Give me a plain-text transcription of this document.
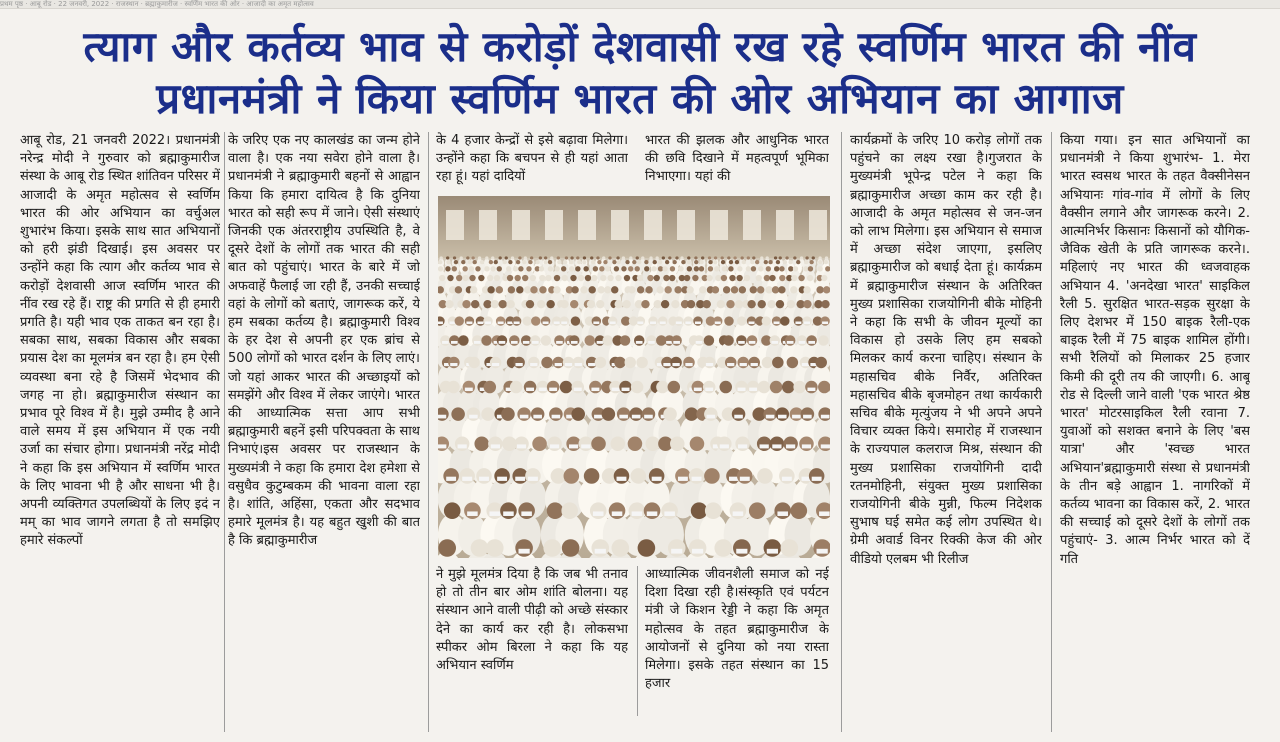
प्रथम पृष्ठ · आबू रोड · 22 जनवरी, 2022 · राजस्थान · ब्रह्माकुमारीज · स्वर्णिम भारत की ओर · आजादी का अमृत महोत्सव
त्याग और कर्तव्य भाव से करोड़ों देशवासी रख रहे स्वर्णिम भारत की नींव
प्रधानमंत्री ने किया स्वर्णिम भारत की ओर अभियान का आगाज

आबू रोड, 21 जनवरी 2022। प्रधानमंत्री नरेन्द्र मोदी ने गुरुवार को ब्रह्माकुमारीज संस्था के आबू रोड स्थित शांतिवन परिसर में आजादी के अमृत महोत्सव से स्वर्णिम भारत की ओर अभियान का वर्चुअल शुभारंभ किया। इसके साथ सात अभियानों को हरी झंडी दिखाई। इस अवसर पर उन्होंने कहा कि त्याग और कर्तव्य भाव से करोड़ों देशवासी आज स्वर्णिम भारत की नींव रख रहे हैं। राष्ट्र की प्रगति से ही हमारी प्रगति है। यही भाव एक ताकत बन रहा है। सबका साथ, सबका विकास और सबका प्रयास देश का मूलमंत्र बन रहा है। हम ऐसी व्यवस्था बना रहे है जिसमें भेदभाव की जगह ना हो। ब्रह्माकुमारीज संस्थान का प्रभाव पूरे विश्व में है। मुझे उम्मीद है आने वाले समय में इस अभियान में एक नयी उर्जा का संचार होगा। प्रधानमंत्री नरेंद्र मोदी ने कहा कि इस अभियान में स्वर्णिम भारत के लिए भावना भी है और साधना भी है। अपनी व्यक्तिगत उपलब्धियों के लिए इदं न मम् का भाव जागने लगता है तो समझिए हमारे संकल्पों

के जरिए एक नए कालखंड का जन्म होने वाला है। एक नया सवेरा होने वाला है।प्रधानमंत्री ने ब्रह्माकुमारी बहनों से आह्वान किया कि हमारा दायित्व है कि दुनिया भारत को सही रूप में जाने। ऐसी संस्थाएं जिनकी एक अंतरराष्ट्रीय उपस्थिति है, वे दूसरे देशों के लोगों तक भारत की सही बात को पहुंचाएं। भारत के बारे में जो अफवाहें फैलाई जा रही हैं, उनकी सच्चाई वहां के लोगों को बताएं, जागरूक करें, ये हम सबका कर्तव्य है। ब्रह्माकुमारी विश्व के हर देश से अपनी हर एक ब्रांच से 500 लोगों को भारत दर्शन के लिए लाएं। जो यहां आकर भारत की अच्छाइयों को समझेंगे और विश्व में लेकर जाएंगे। भारत की आध्यात्मिक सत्ता आप सभी ब्रह्माकुमारी बहनें इसी परिपक्वता के साथ निभाएं।इस अवसर पर राजस्थान के मुख्यमंत्री ने कहा कि हमारा देश हमेशा से वसुधैव कुटुम्बकम की भावना वाला रहा है। शांति, अहिंसा, एकता और सदभाव हमारे मूलमंत्र है। यह बहुत खुशी की बात है कि ब्रह्माकुमारीज

के 4 हजार केन्द्रों से इसे बढ़ावा मिलेगा। उन्होंने कहा कि बचपन से ही यहां आता रहा हूं। यहां दादियों

भारत की झलक और आधुनिक भारत की छवि दिखाने में महत्वपूर्ण भूमिका निभाएगा। यहां की

ने मुझे मूलमंत्र दिया है कि जब भी तनाव हो तो तीन बार ओम शांति बोलना। यह संस्थान आने वाली पीढ़ी को अच्छे संस्कार देने का कार्य कर रही है। लोकसभा स्पीकर ओम बिरला ने कहा कि यह अभियान स्वर्णिम

आध्यात्मिक जीवनशैली समाज को नई दिशा दिखा रही है।संस्कृति एवं पर्यटन मंत्री जे किशन रेड्डी ने कहा कि अमृत महोत्सव के तहत ब्रह्माकुमारीज के आयोजनों से दुनिया को नया रास्ता मिलेगा। इसके तहत संस्थान का 15 हजार

कार्यक्रमों के जरिए 10 करोड़ लोगों तक पहुंचने का लक्ष्य रखा है।गुजरात के मुख्यमंत्री भूपेन्द्र पटेल ने कहा कि ब्रह्माकुमारीज अच्छा काम कर रही है। आजादी के अमृत महोत्सव से जन-जन को लाभ मिलेगा। इस अभियान से समाज में अच्छा संदेश जाएगा, इसलिए ब्रह्माकुमारीज को बधाई देता हूं। कार्यक्रम में ब्रह्माकुमारीज संस्थान के अतिरिक्त मुख्य प्रशासिका राजयोगिनी बीके मोहिनी ने कहा कि सभी के जीवन मूल्यों का विकास हो उसके लिए हम सबको मिलकर कार्य करना चाहिए। संस्थान के महासचिव बीके निर्वैर, अतिरिक्त महासचिव बीके बृजमोहन तथा कार्यकारी सचिव बीके मृत्युंजय ने भी अपने अपने विचार व्यक्त किये। समारोह में राजस्थान के राज्यपाल कलराज मिश्र, संस्थान की मुख्य प्रशासिका राजयोगिनी दादी रतनमोहिनी, संयुक्त मुख्य प्रशासिका राजयोगिनी बीके मुन्नी, फिल्म निदेशक सुभाष घई समेत कई लोग उपस्थित थे। ग्रेमी अवार्ड विनर रिक्की केज की ओर वीडियो एलबम भी रिलीज

किया गया। इन सात अभियानों का प्रधानमंत्री ने किया शुभारंभ- 1. मेरा भारत स्वसथ भारत के तहत वैक्सीनेसन अभियानः गांव-गांव में लोगों के लिए वैक्सीन लगाने और जागरूक करने। 2. आत्मनिर्भर किसानः किसानों को यौगिक-जैविक खेती के प्रति जागरूक करने।. महिलाएं नए भारत की ध्वजवाहक अभियान 4. 'अनदेखा भारत' साइकिल रैली 5. सुरक्षित भारत-सड़क सुरक्षा के लिए देशभर में 150 बाइक रैली-एक बाइक रैली में 75 बाइक शामिल होंगी। सभी रैलियों को मिलाकर 25 हजार किमी की दूरी तय की जाएगी। 6. आबू रोड से दिल्ली जाने वाली 'एक भारत श्रेष्ठ भारत' मोटरसाइकिल रैली रवाना 7. युवाओं को सशक्त बनाने के लिए 'बस यात्रा' और 'स्वच्छ भारत अभियान'ब्रह्माकुमारी संस्था से प्रधानमंत्री के तीन बड़े आह्वान 1. नागरिकों में कर्तव्य भावना का विकास करें, 2. भारत की सच्चाई को दूसरे देशों के लोगों तक पहुंचाएं- 3. आत्म निर्भर भारत को दें गति
